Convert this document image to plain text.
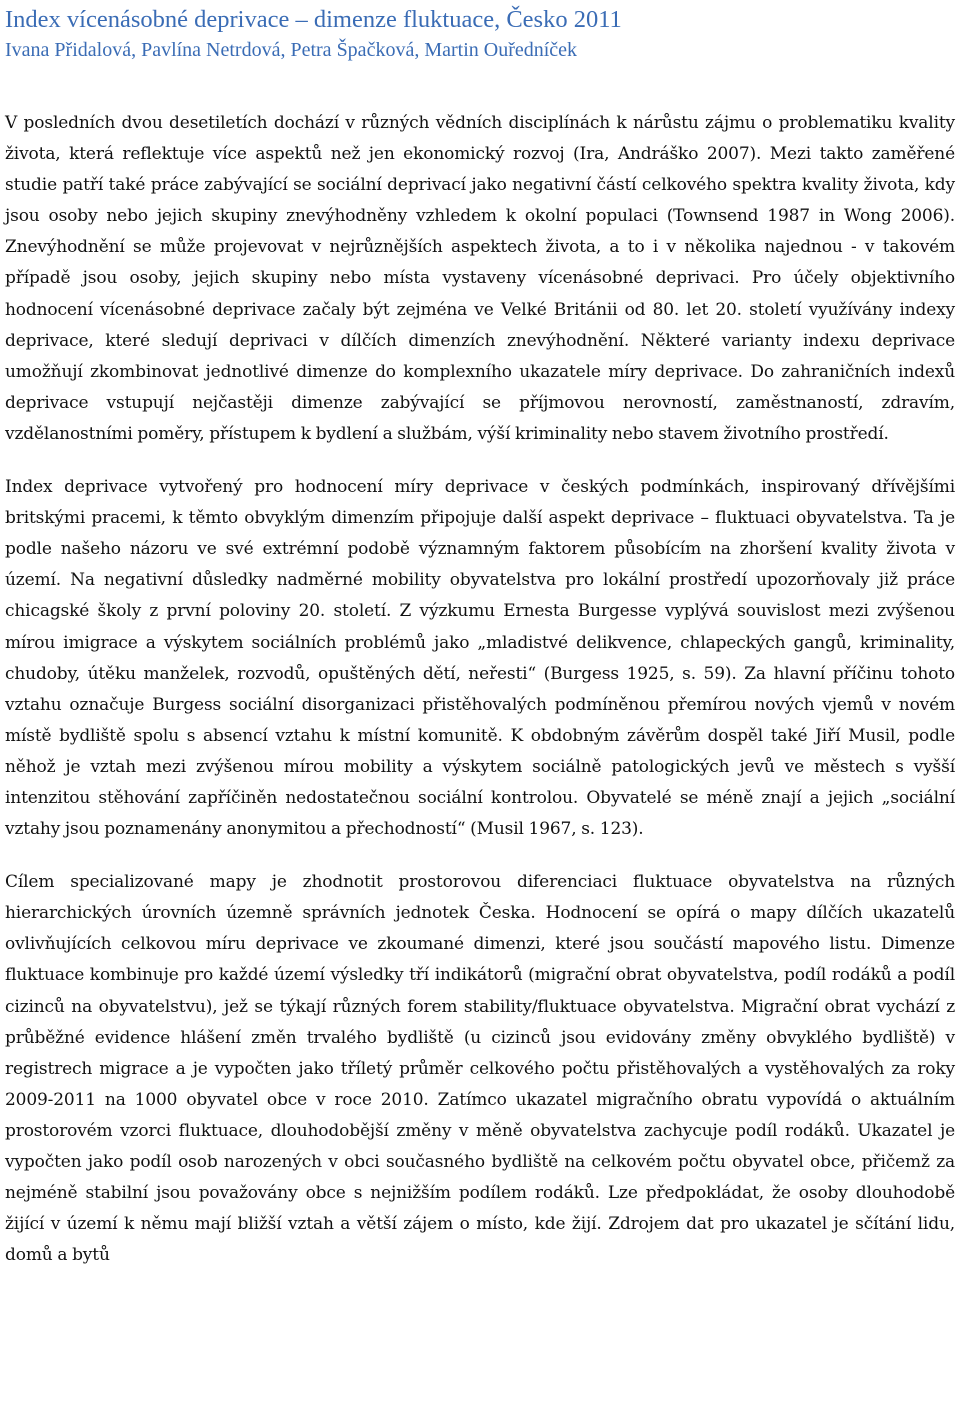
Index vícenásobné deprivace – dimenze fluktuace, Česko 2011
Ivana Přidalová, Pavlína Netrdová, Petra Špačková, Martin Ouředníček

V posledních dvou desetiletích dochází v různých vědních disciplínách k nárůstu zájmu o problematiku kvality života, která reflektuje více aspektů než jen ekonomický rozvoj (Ira, Andráško 2007). Mezi takto zaměřené studie patří také práce zabývající se sociální deprivací jako negativní částí celkového spektra kvality života, kdy jsou osoby nebo jejich skupiny znevýhodněny vzhledem k okolní populaci (Townsend 1987 in Wong 2006). Znevýhodnění se může projevovat v nejrůznějších aspektech života, a to i v několika najednou - v takovém případě jsou osoby, jejich skupiny nebo místa vystaveny vícenásobné deprivaci. Pro účely objektivního hodnocení vícenásobné deprivace začaly být zejména ve Velké Británii od 80. let 20. století využívány indexy deprivace, které sledují deprivaci v dílčích dimenzích znevýhodnění. Některé varianty indexu deprivace umožňují zkombinovat jednotlivé dimenze do komplexního ukazatele míry deprivace. Do zahraničních indexů deprivace vstupují nejčastěji dimenze zabývající se příjmovou nerovností, zaměstnaností, zdravím, vzdělanostními poměry, přístupem k bydlení a službám, výší kriminality nebo stavem životního prostředí.

Index deprivace vytvořený pro hodnocení míry deprivace v českých podmínkách, inspirovaný dřívějšími britskými pracemi, k těmto obvyklým dimenzím připojuje další aspekt deprivace – fluktuaci obyvatelstva. Ta je podle našeho názoru ve své extrémní podobě významným faktorem působícím na zhoršení kvality života v území. Na negativní důsledky nadměrné mobility obyvatelstva pro lokální prostředí upozorňovaly již práce chicagské školy z první poloviny 20. století. Z výzkumu Ernesta Burgesse vyplývá souvislost mezi zvýšenou mírou imigrace a výskytem sociálních problémů jako „mladistvé delikvence, chlapeckých gangů, kriminality, chudoby, útěku manželek, rozvodů, opuštěných dětí, neřesti“ (Burgess 1925, s. 59). Za hlavní příčinu tohoto vztahu označuje Burgess sociální disorganizaci přistěhovalých podmíněnou přemírou nových vjemů v novém místě bydliště spolu s absencí vztahu k místní komunitě. K obdobným závěrům dospěl také Jiří Musil, podle něhož je vztah mezi zvýšenou mírou mobility a výskytem sociálně patologických jevů ve městech s vyšší intenzitou stěhování zapříčiněn nedostatečnou sociální kontrolou. Obyvatelé se méně znají a jejich „sociální vztahy jsou poznamenány anonymitou a přechodností“ (Musil 1967, s. 123).

Cílem specializované mapy je zhodnotit prostorovou diferenciaci fluktuace obyvatelstva na různých hierarchických úrovních územně správních jednotek Česka. Hodnocení se opírá o mapy dílčích ukazatelů ovlivňujících celkovou míru deprivace ve zkoumané dimenzi, které jsou součástí mapového listu. Dimenze fluktuace kombinuje pro každé území výsledky tří indikátorů (migrační obrat obyvatelstva, podíl rodáků a podíl cizinců na obyvatelstvu), jež se týkají různých forem stability/fluktuace obyvatelstva. Migrační obrat vychází z průběžné evidence hlášení změn trvalého bydliště (u cizinců jsou evidovány změny obvyklého bydliště) v registrech migrace a je vypočten jako tříletý průměr celkového počtu přistěhovalých a vystěhovalých za roky 2009-2011 na 1000 obyvatel obce v roce 2010. Zatímco ukazatel migračního obratu vypovídá o aktuálním prostorovém vzorci fluktuace, dlouhodobější změny v měně obyvatelstva zachycuje podíl rodáků. Ukazatel je vypočten jako podíl osob narozených v obci současného bydliště na celkovém počtu obyvatel obce, přičemž za nejméně stabilní jsou považovány obce s nejnižším podílem rodáků. Lze předpokládat, že osoby dlouhodobě žijící v území k němu mají bližší vztah a větší zájem o místo, kde žijí. Zdrojem dat pro ukazatel je sčítání lidu, domů a bytů
